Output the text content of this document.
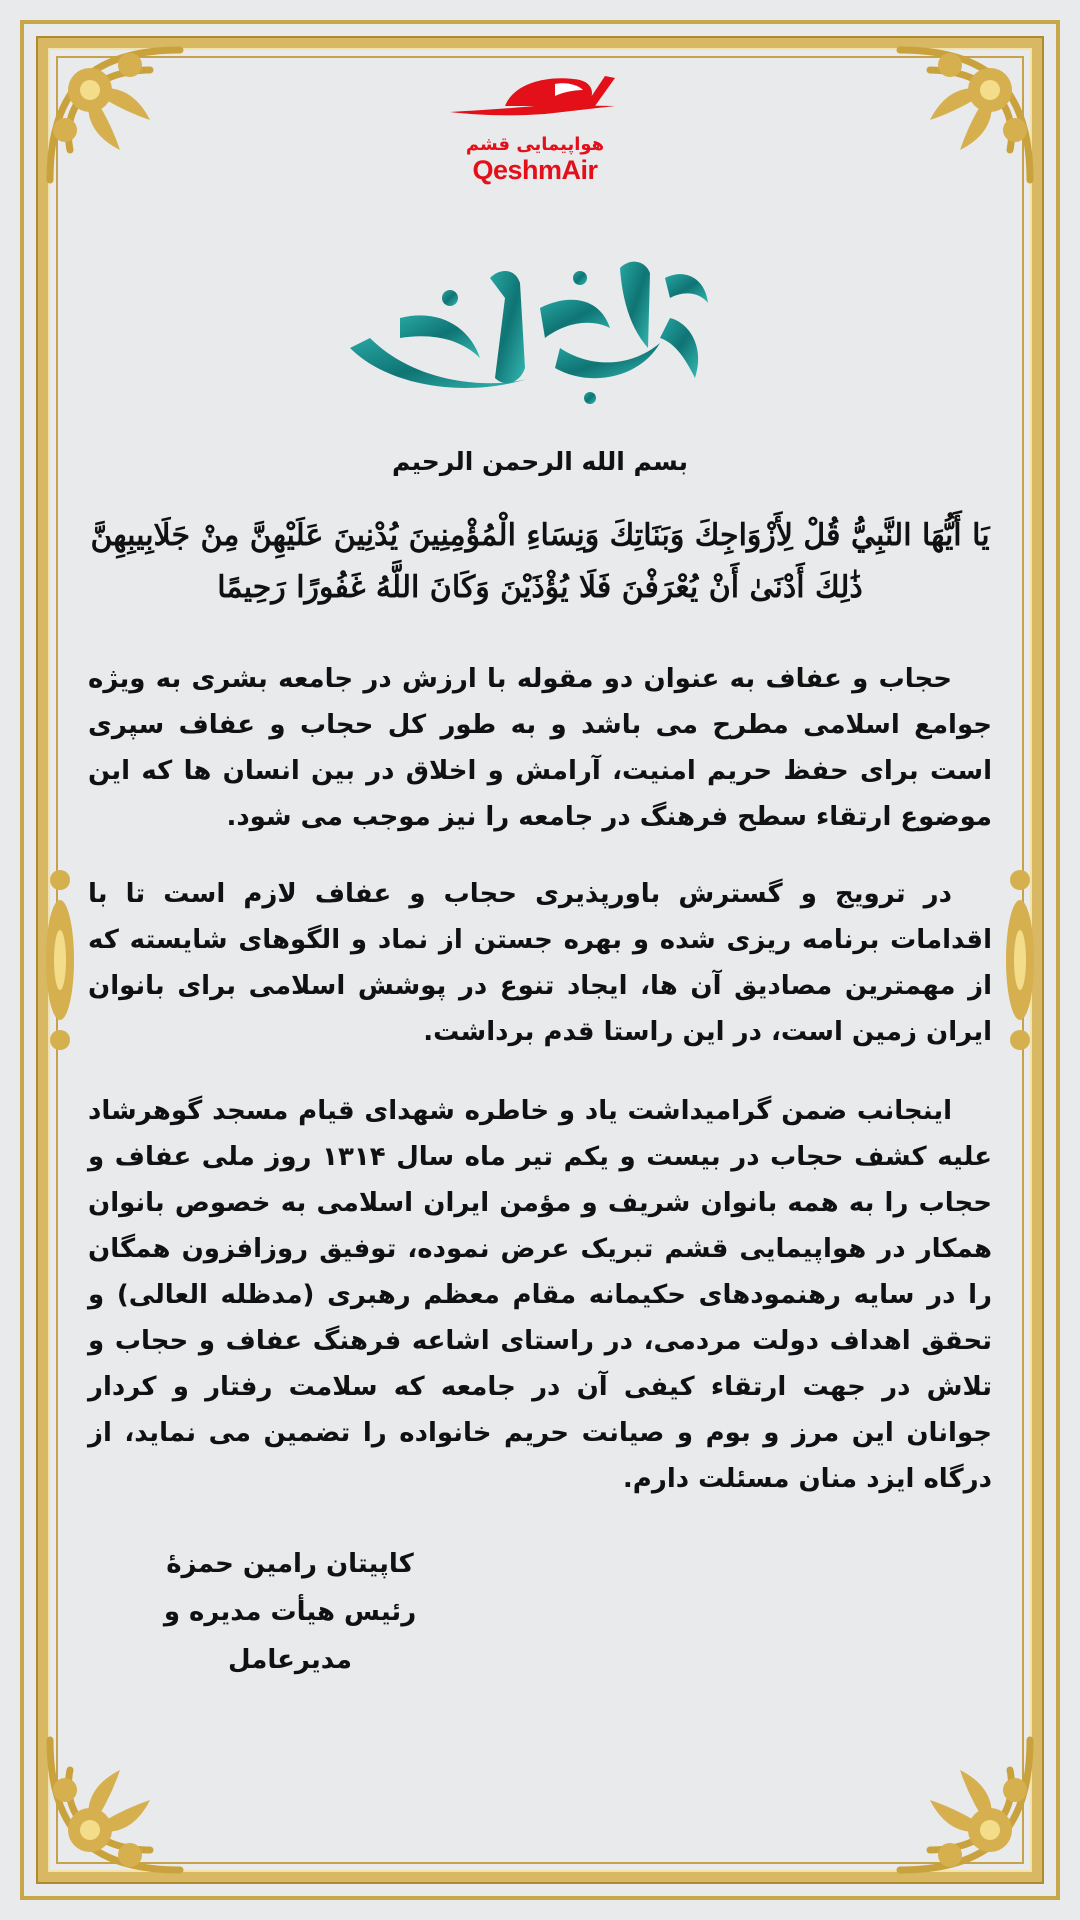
هواپیمایی قشم
QeshmAir
بسم الله الرحمن الرحیم
يَا أَيُّهَا النَّبِيُّ قُلْ لِأَزْوَاجِكَ وَبَنَاتِكَ وَنِسَاءِ الْمُؤْمِنِينَ يُدْنِينَ عَلَيْهِنَّ مِنْ جَلَابِيبِهِنَّ ذَٰلِكَ أَدْنَىٰ أَنْ يُعْرَفْنَ فَلَا يُؤْذَيْنَ وَكَانَ اللَّهُ غَفُورًا رَحِيمًا
حجاب و عفاف به عنوان دو مقوله با ارزش در جامعه بشری به ویژه جوامع اسلامی مطرح می باشد و به طور کل حجاب و عفاف سپری است برای حفظ حریم امنیت، آرامش و اخلاق در بین انسان ها که این موضوع ارتقاء سطح فرهنگ در جامعه را نیز موجب می شود.
در ترویج و گسترش باورپذیری حجاب و عفاف لازم است تا با اقدامات برنامه ریزی شده و بهره جستن از نماد و الگوهای شایسته که از مهمترین مصادیق آن ها، ایجاد تنوع در پوشش اسلامی برای بانوان ایران زمین است، در این راستا قدم برداشت.
اینجانب ضمن گرامیداشت یاد و خاطره شهدای قیام مسجد گوهرشاد علیه کشف حجاب در بیست و یکم تیر ماه سال ۱۳۱۴ روز ملی عفاف و حجاب را به همه بانوان شریف و مؤمن ایران اسلامی به خصوص بانوان همکار در هواپیمایی قشم تبریک عرض نموده، توفیق روزافزون همگان را در سایه رهنمودهای حکیمانه مقام معظم رهبری (مدظله العالی) و تحقق اهداف دولت مردمی، در راستای اشاعه فرهنگ عفاف و حجاب و تلاش در جهت ارتقاء کیفی آن در جامعه که سلامت رفتار و کردار جوانان این مرز و بوم و صیانت حریم خانواده را تضمین می نماید، از درگاه ایزد منان مسئلت دارم.
کاپیتان رامین حمزۀ
رئیس هیأت مدیره و مدیرعامل
